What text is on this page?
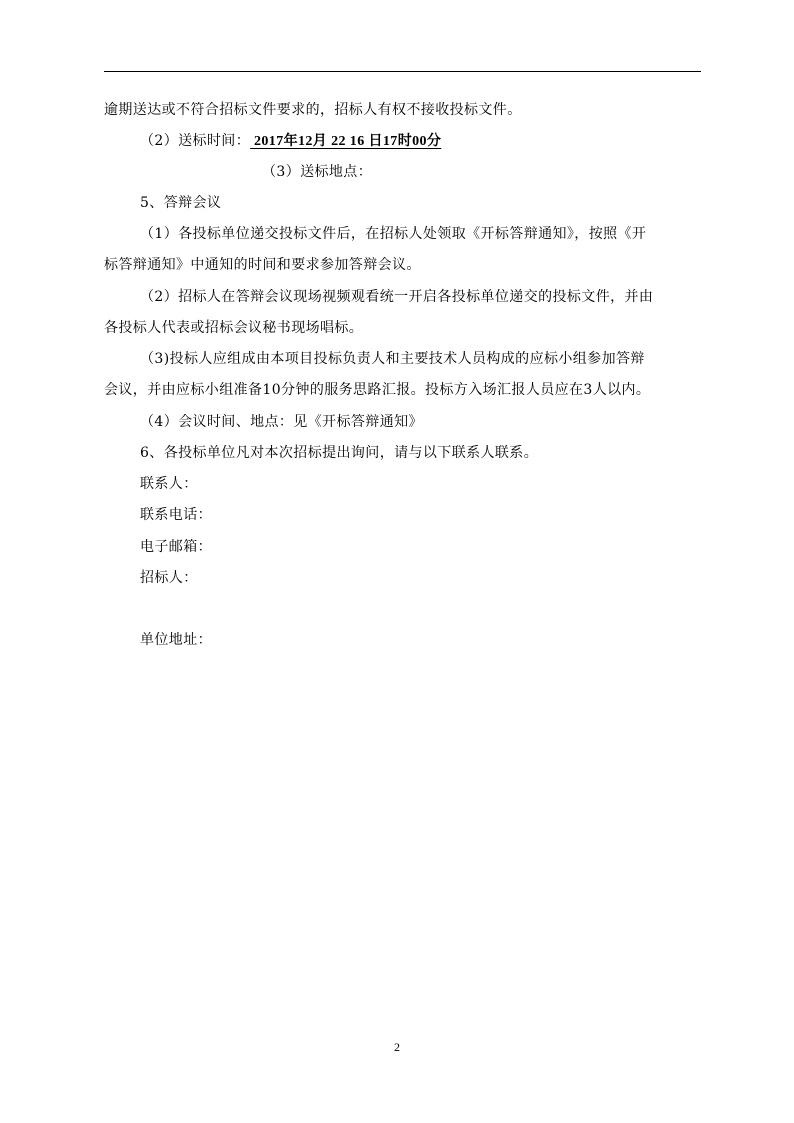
逾期送达或不符合招标文件要求的，招标人有权不接收投标文件。
（2）送标时间： 2017年12月 22 16 日17时00分
（3）送标地点：
5、答辩会议
（1）各投标单位递交投标文件后，在招标人处领取《开标答辩通知》，按照《开
标答辩通知》中通知的时间和要求参加答辩会议。
（2）招标人在答辩会议现场视频观看统一开启各投标单位递交的投标文件，并由
各投标人代表或招标会议秘书现场唱标。
（3)投标人应组成由本项目投标负责人和主要技术人员构成的应标小组参加答辩
会议，并由应标小组准备10分钟的服务思路汇报。投标方入场汇报人员应在3人以内。
（4）会议时间、地点：见《开标答辩通知》
6、各投标单位凡对本次招标提出询问，请与以下联系人联系。
联系人：
联系电话：
电子邮箱：
招标人：
单位地址：
2
